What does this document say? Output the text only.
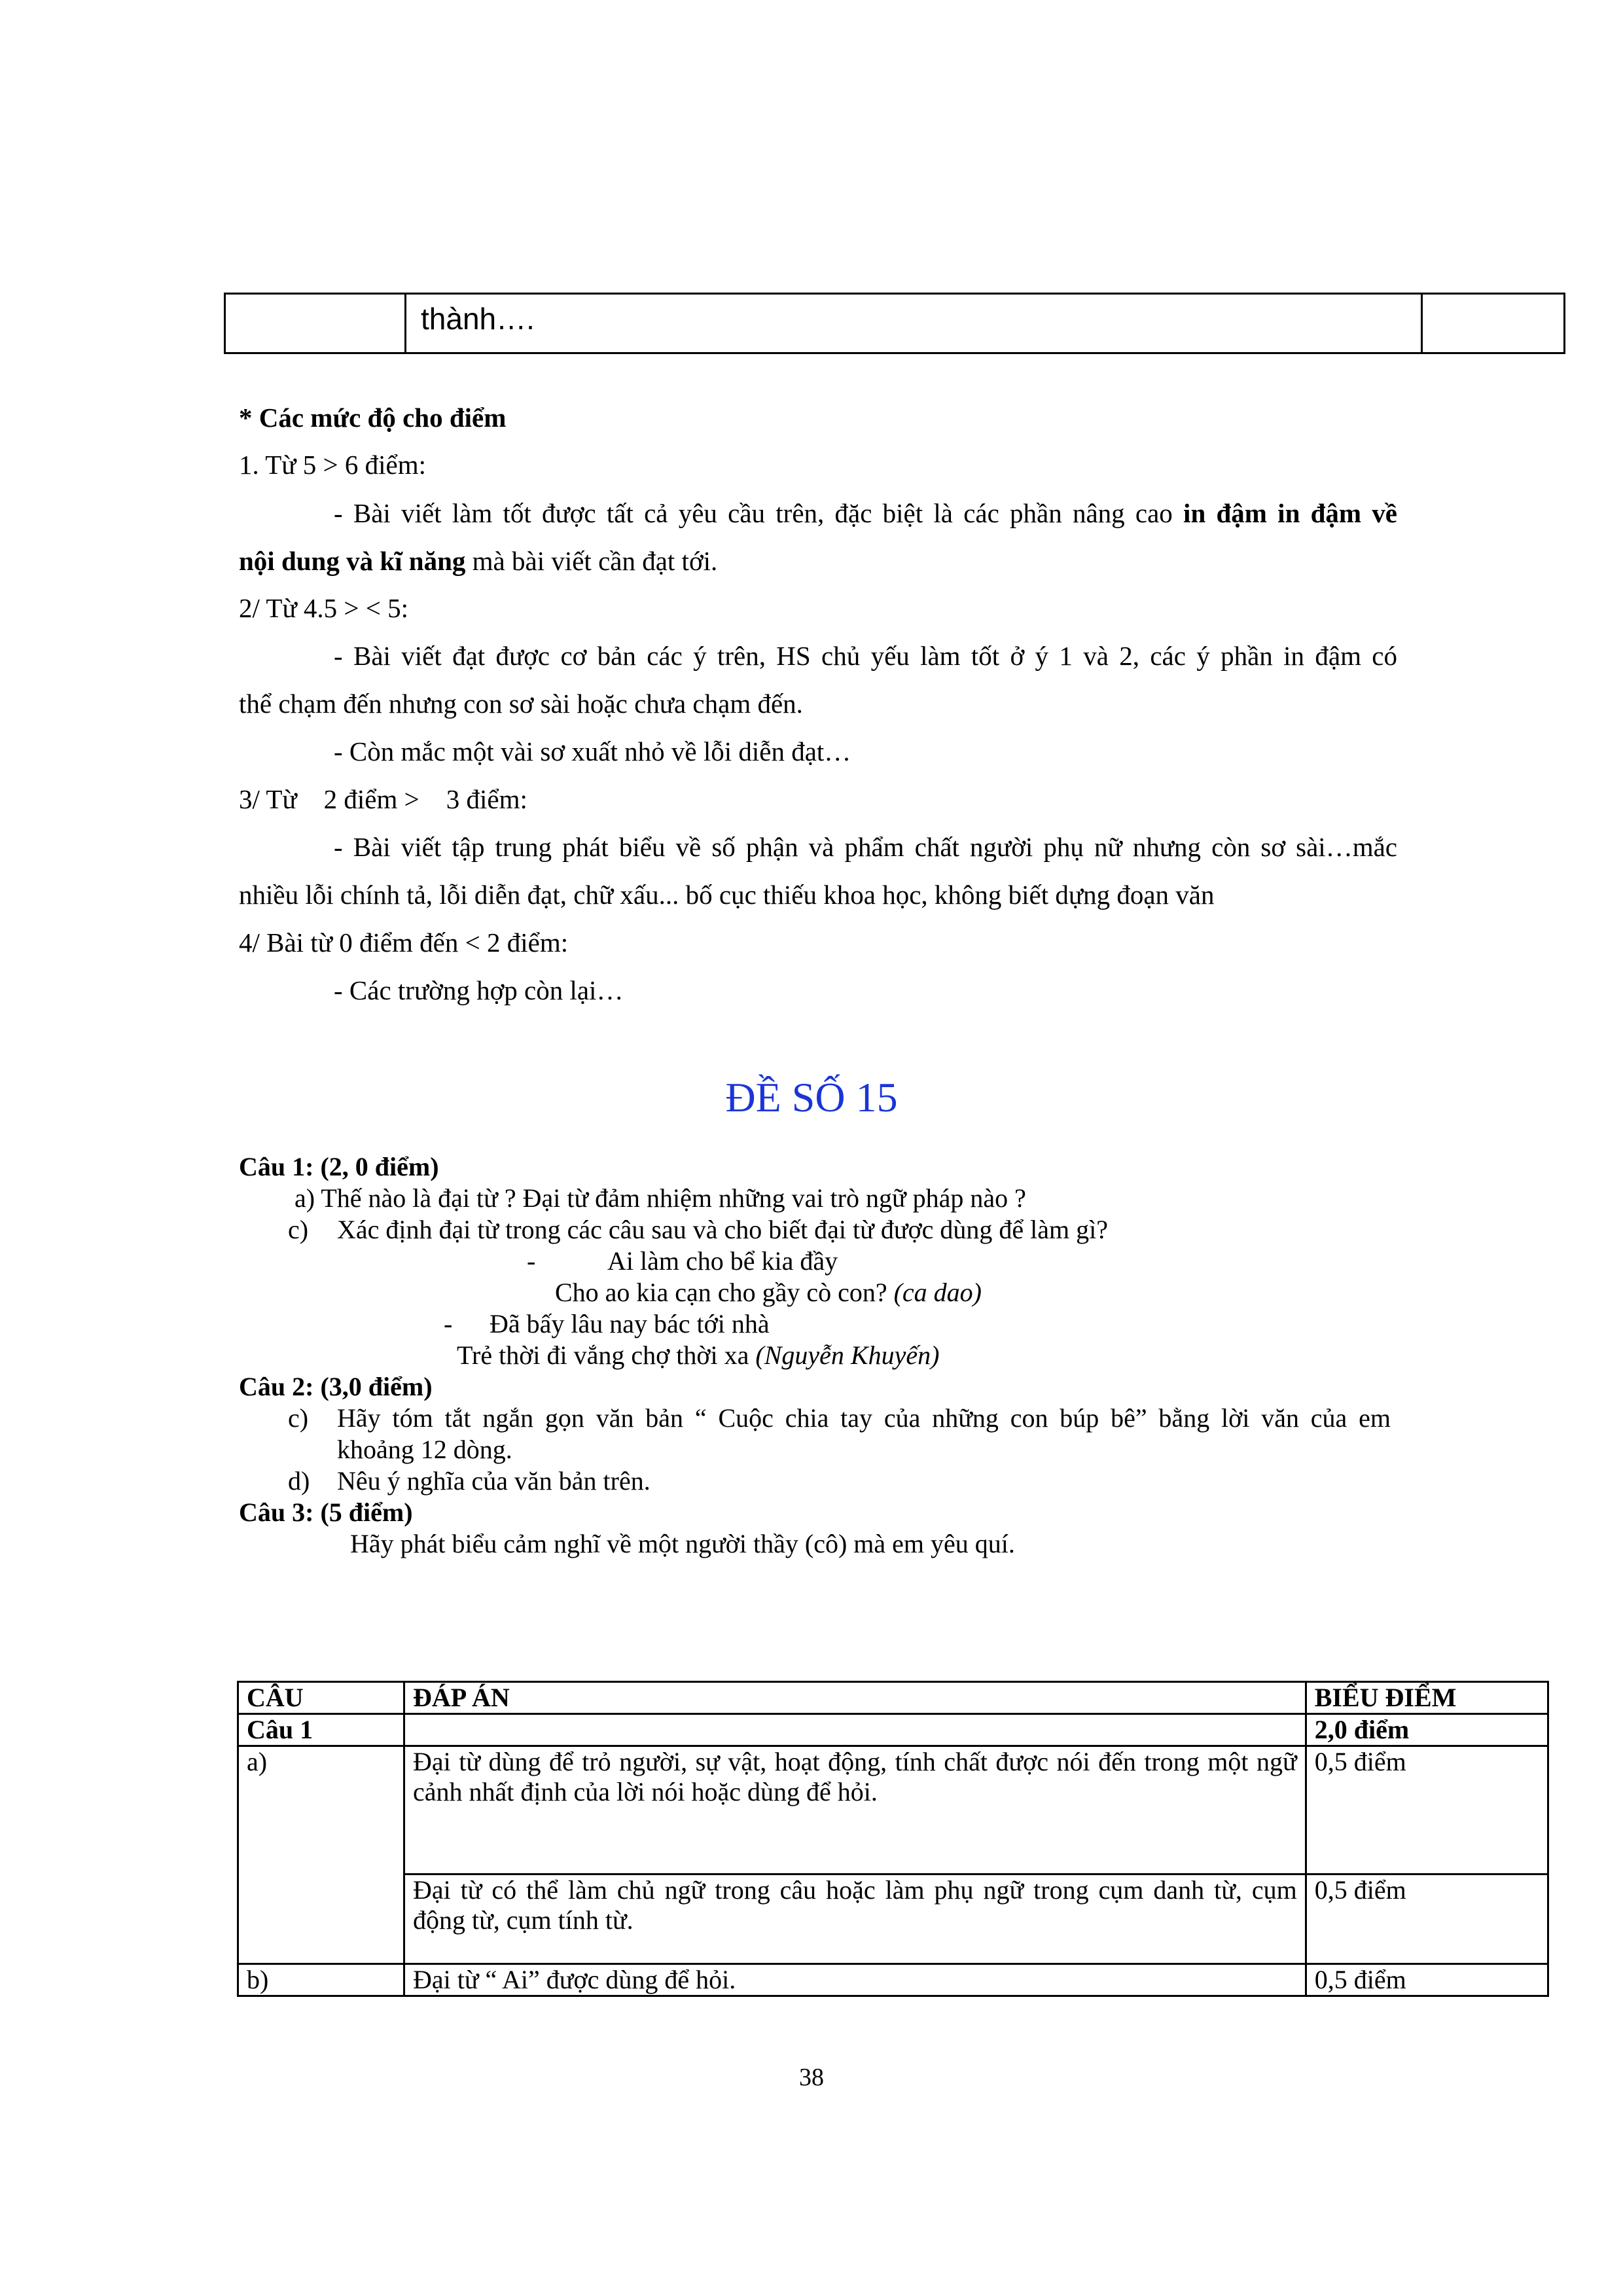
	thành….	
* Các mức độ cho điểm
1. Từ 5 > 6 điểm:
- Bài viết làm tốt được tất cả yêu cầu trên, đặc biệt là các phần nâng cao in đậm in đậm về
nội dung và kĩ năng mà bài viết cần đạt tới.
2/ Từ 4.5 > < 5:
- Bài viết đạt được cơ bản các ý trên, HS chủ yếu làm tốt ở ý 1 và 2, các ý phần in đậm có
thể chạm đến nhưng con sơ sài hoặc chưa chạm đến.
- Còn mắc một vài sơ xuất nhỏ về lỗi diễn đạt…
3/ Từ    2 điểm >    3 điểm:
- Bài viết tập trung phát biểu về số phận và phẩm chất người phụ nữ nhưng còn sơ sài…mắc
nhiều lỗi chính tả, lỗi diễn đạt, chữ xấu... bố cục thiếu khoa học, không biết dựng đoạn văn
4/ Bài từ 0 điểm đến < 2 điểm:
- Các trường hợp còn lại…
ĐỀ SỐ 15
Câu 1: (2, 0 điểm)
a) Thế nào là đại từ ? Đại từ đảm nhiệm những vai trò ngữ pháp nào ?
c) Xác định đại từ trong các câu sau và cho biết đại từ được dùng để làm gì?
-	Ai làm cho bể kia đầy
Cho ao kia cạn cho gầy cò con? (ca dao)
- Đã bấy lâu nay bác tới nhà
Trẻ thời đi vắng chợ thời xa (Nguyễn Khuyến)
Câu 2: (3,0 điểm)
c) Hãy tóm tắt ngắn gọn văn bản “ Cuộc chia tay của những con búp bê” bằng lời văn của em
khoảng 12 dòng.
d) Nêu ý nghĩa của văn bản trên.
Câu 3: (5 điểm)
Hãy phát biểu cảm nghĩ về một người thầy (cô) mà em yêu quí.
CÂU	ĐÁP ÁN	BIỂU ĐIỂM
Câu 1		2,0 điểm
a)	Đại từ dùng để trỏ người, sự vật, hoạt động, tính chất được nói đến trong một ngữ cảnh nhất định của lời nói hoặc dùng để hỏi.	0,5 điểm
	Đại từ có thể làm chủ ngữ trong câu hoặc làm phụ ngữ trong cụm danh từ, cụm động từ, cụm tính từ.	0,5 điểm
b)	Đại từ “ Ai” được dùng để hỏi.	0,5 điểm
38
